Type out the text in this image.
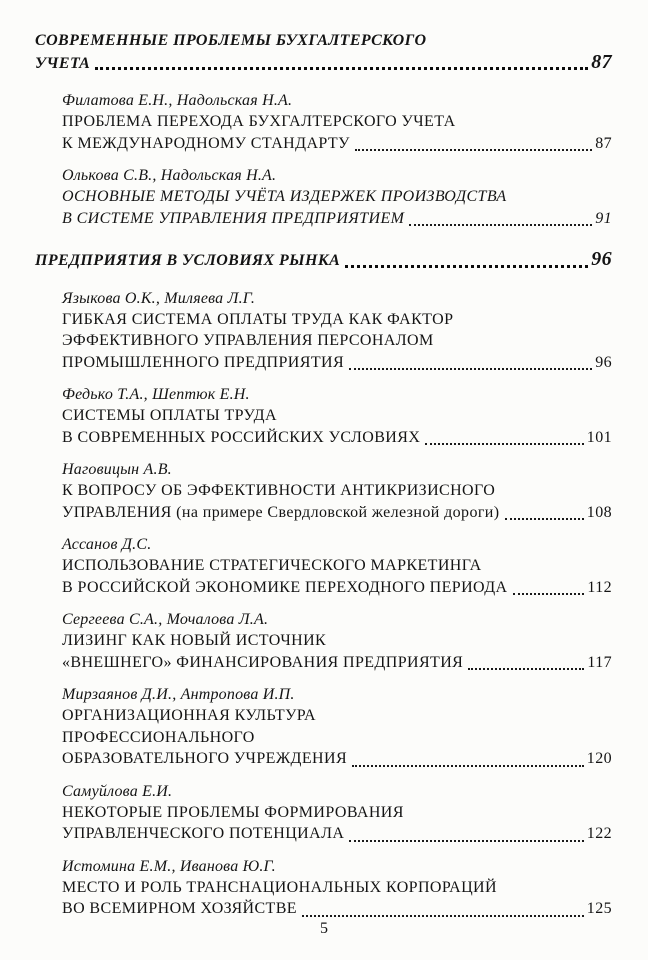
СОВРЕМЕННЫЕ ПРОБЛЕМЫ БУХГАЛТЕРСКОГО
УЧЕТА	87
Филатова Е.Н., Надольская Н.А.
ПРОБЛЕМА ПЕРЕХОДА БУХГАЛТЕРСКОГО УЧЕТА
К МЕЖДУНАРОДНОМУ СТАНДАРТУ	87
Олькова С.В., Надольская Н.А.
ОСНОВНЫЕ МЕТОДЫ УЧЁТА ИЗДЕРЖЕК ПРОИЗВОДСТВА
В СИСТЕМЕ УПРАВЛЕНИЯ ПРЕДПРИЯТИЕМ	91
ПРЕДПРИЯТИЯ В УСЛОВИЯХ РЫНКА	96
Языкова О.К., Миляева Л.Г.
ГИБКАЯ СИСТЕМА ОПЛАТЫ ТРУДА КАК ФАКТОР
ЭФФЕКТИВНОГО УПРАВЛЕНИЯ ПЕРСОНАЛОМ
ПРОМЫШЛЕННОГО ПРЕДПРИЯТИЯ	96
Федько Т.А., Шептюк Е.Н.
СИСТЕМЫ ОПЛАТЫ ТРУДА
В СОВРЕМЕННЫХ РОССИЙСКИХ УСЛОВИЯХ	101
Наговицын А.В.
К ВОПРОСУ ОБ ЭФФЕКТИВНОСТИ АНТИКРИЗИСНОГО
УПРАВЛЕНИЯ (на примере Свердловской железной дороги)	108
Ассанов Д.С.
ИСПОЛЬЗОВАНИЕ СТРАТЕГИЧЕСКОГО МАРКЕТИНГА
В РОССИЙСКОЙ ЭКОНОМИКЕ ПЕРЕХОДНОГО ПЕРИОДА	112
Сергеева С.А., Мочалова Л.А.
ЛИЗИНГ КАК НОВЫЙ ИСТОЧНИК
«ВНЕШНЕГО» ФИНАНСИРОВАНИЯ ПРЕДПРИЯТИЯ	117
Мирзаянов Д.И., Антропова И.П.
ОРГАНИЗАЦИОННАЯ КУЛЬТУРА
ПРОФЕССИОНАЛЬНОГО
ОБРАЗОВАТЕЛЬНОГО УЧРЕЖДЕНИЯ	120
Самуйлова Е.И.
НЕКОТОРЫЕ ПРОБЛЕМЫ ФОРМИРОВАНИЯ
УПРАВЛЕНЧЕСКОГО ПОТЕНЦИАЛА	122
Истомина Е.М., Иванова Ю.Г.
МЕСТО И РОЛЬ ТРАНСНАЦИОНАЛЬНЫХ КОРПОРАЦИЙ
ВО ВСЕМИРНОМ ХОЗЯЙСТВЕ	125
5
